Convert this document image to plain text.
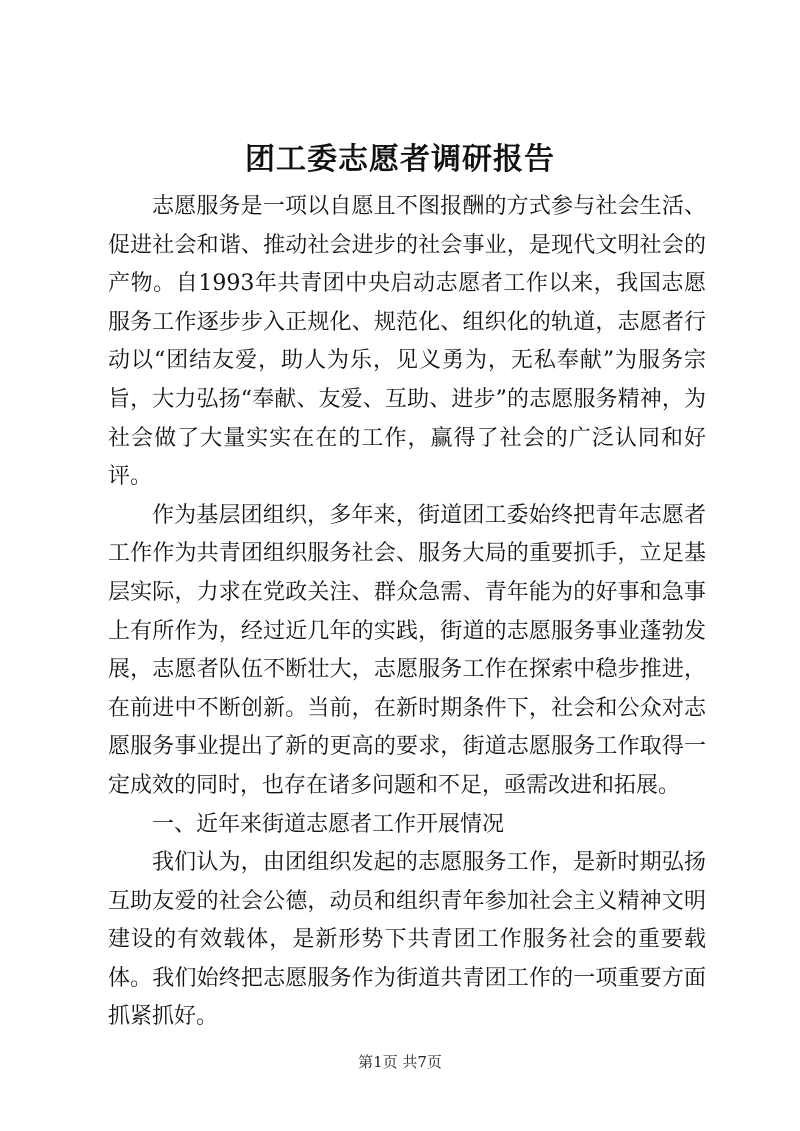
团工委志愿者调研报告

志愿服务是一项以自愿且不图报酬的方式参与社会生活、促进社会和谐、推动社会进步的社会事业，是现代文明社会的产物。自1993年共青团中央启动志愿者工作以来，我国志愿服务工作逐步步入正规化、规范化、组织化的轨道，志愿者行动以“团结友爱，助人为乐，见义勇为，无私奉献”为服务宗旨，大力弘扬“奉献、友爱、互助、进步”的志愿服务精神，为社会做了大量实实在在的工作，赢得了社会的广泛认同和好评。

作为基层团组织，多年来，街道团工委始终把青年志愿者工作作为共青团组织服务社会、服务大局的重要抓手，立足基层实际，力求在党政关注、群众急需、青年能为的好事和急事上有所作为，经过近几年的实践，街道的志愿服务事业蓬勃发展，志愿者队伍不断壮大，志愿服务工作在探索中稳步推进，在前进中不断创新。当前，在新时期条件下，社会和公众对志愿服务事业提出了新的更高的要求，街道志愿服务工作取得一定成效的同时，也存在诸多问题和不足，亟需改进和拓展。

一、近年来街道志愿者工作开展情况

我们认为，由团组织发起的志愿服务工作，是新时期弘扬互助友爱的社会公德，动员和组织青年参加社会主义精神文明建设的有效载体，是新形势下共青团工作服务社会的重要载体。我们始终把志愿服务作为街道共青团工作的一项重要方面抓紧抓好。

第1页 共7页
